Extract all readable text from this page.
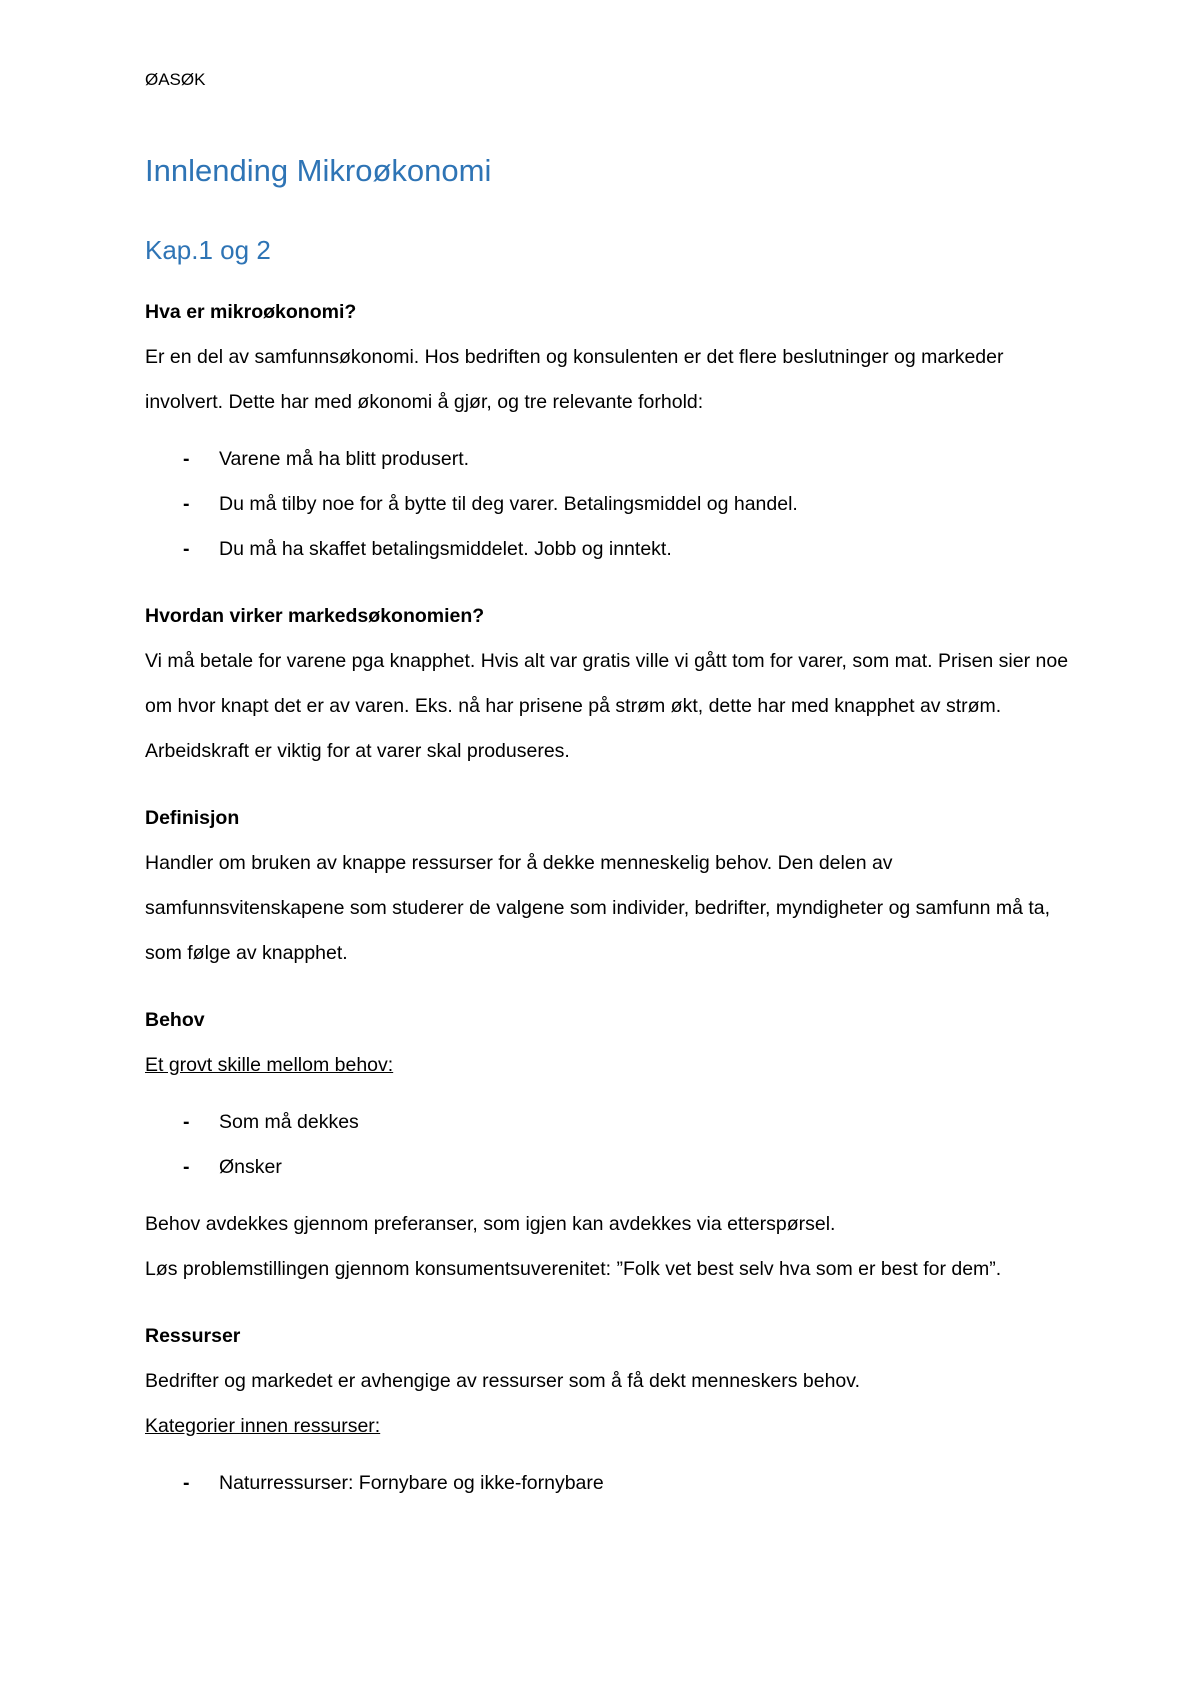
ØASØK

Innlending Mikroøkonomi
Kap.1 og 2

Hva er mikroøkonomi?

Er en del av samfunnsøkonomi. Hos bedriften og konsulenten er det flere beslutninger og markeder involvert. Dette har med økonomi å gjør, og tre relevante forhold:

- Varene må ha blitt produsert.
- Du må tilby noe for å bytte til deg varer. Betalingsmiddel og handel.
- Du må ha skaffet betalingsmiddelet. Jobb og inntekt.

Hvordan virker markedsøkonomien?

Vi må betale for varene pga knapphet. Hvis alt var gratis ville vi gått tom for varer, som mat. Prisen sier noe om hvor knapt det er av varen. Eks. nå har prisene på strøm økt, dette har med knapphet av strøm. Arbeidskraft er viktig for at varer skal produseres.

Definisjon

Handler om bruken av knappe ressurser for å dekke menneskelig behov. Den delen av samfunnsvitenskapene som studerer de valgene som individer, bedrifter, myndigheter og samfunn må ta, som følge av knapphet.

Behov

Et grovt skille mellom behov:

- Som må dekkes
- Ønsker

Behov avdekkes gjennom preferanser, som igjen kan avdekkes via etterspørsel.

Løs problemstillingen gjennom konsumentsuverenitet: ”Folk vet best selv hva som er best for dem”.

Ressurser

Bedrifter og markedet er avhengige av ressurser som å få dekt menneskers behov.

Kategorier innen ressurser:

- Naturressurser: Fornybare og ikke-fornybare
